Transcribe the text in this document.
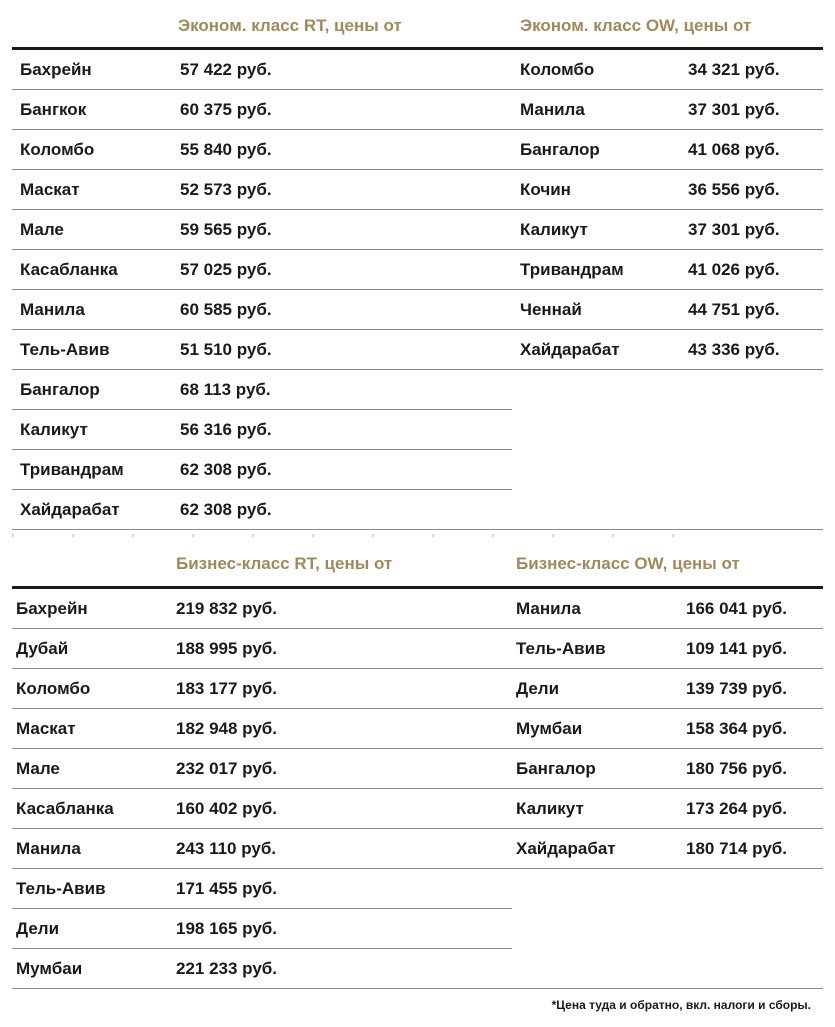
Эконом. класс RT, цены от	Эконом. класс OW, цены от
Бахрейн	57 422 руб.	Коломбо	34 321 руб.
Бангкок	60 375 руб.	Манила	37 301 руб.
Коломбо	55 840 руб.	Бангалор	41 068 руб.
Маскат	52 573 руб.	Кочин	36 556 руб.
Мале	59 565 руб.	Каликут	37 301 руб.
Касабланка	57 025 руб.	Тривандрам	41 026 руб.
Манила	60 585 руб.	Ченнай	44 751 руб.
Тель-Авив	51 510 руб.	Хайдарабат	43 336 руб.
Бангалор	68 113 руб.
Каликут	56 316 руб.
Тривандрам	62 308 руб.
Хайдарабат	62 308 руб.
Бизнес-класс RT, цены от	Бизнес-класс OW, цены от
Бахрейн	219 832 руб.	Манила	166 041 руб.
Дубай	188 995 руб.	Тель-Авив	109 141 руб.
Коломбо	183 177 руб.	Дели	139 739 руб.
Маскат	182 948 руб.	Мумбаи	158 364 руб.
Мале	232 017 руб.	Бангалор	180 756 руб.
Касабланка	160 402 руб.	Каликут	173 264 руб.
Манила	243 110 руб.	Хайдарабат	180 714 руб.
Тель-Авив	171 455 руб.
Дели	198 165 руб.
Мумбаи	221 233 руб.
*Цена туда и обратно, вкл. налоги и сборы.
